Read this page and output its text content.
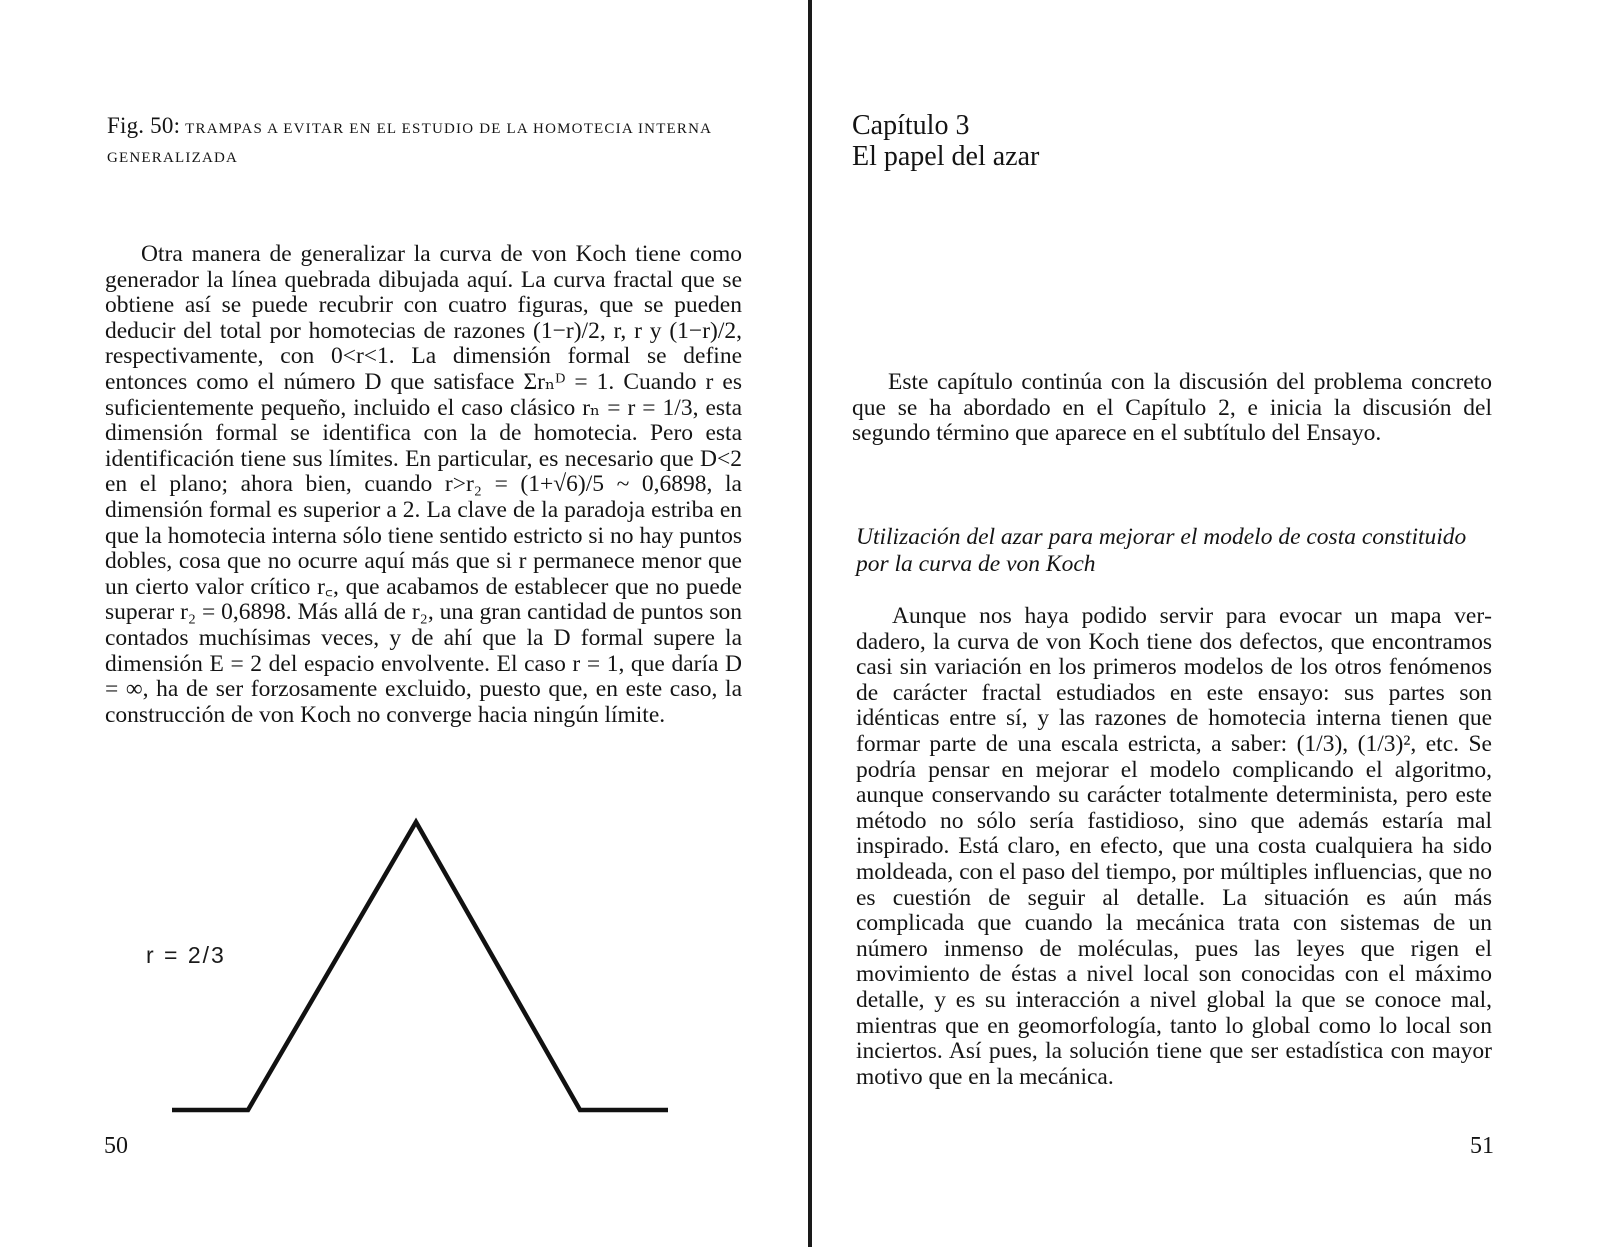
Fig. 50: TRAMPAS A EVITAR EN EL ESTUDIO DE LA HOMOTECIA INTERNA GENERALIZADA

Otra manera de generalizar la curva de von Koch tiene como generador la línea quebrada dibujada aquí. La curva fractal que se obtiene así se puede recubrir con cuatro figuras, que se pueden deducir del total por homotecias de razones (1−r)/2, r, r y (1−r)/2, respectivamente, con 0<r<1. La dimensión formal se define entonces como el número D que satisface Σrₙᴰ = 1. Cuando r es suficientemente pequeño, incluido el caso clásico rₙ = r = 1/3, esta dimensión formal se identifica con la de homotecia. Pero esta identificación tiene sus límites. En particular, es necesario que D<2 en el plano; ahora bien, cuando r>r₂ = (1+√6)/5 ~ 0,6898, la dimensión formal es superior a 2. La clave de la paradoja estriba en que la homotecia interna sólo tiene sentido estricto si no hay puntos dobles, cosa que no ocurre aquí más que si r permanece menor que un cierto valor crítico r꜀, que acabamos de establecer que no puede superar r₂ = 0,6898. Más allá de r₂, una gran cantidad de puntos son contados muchísimas veces, y de ahí que la D formal supere la dimensión E = 2 del espacio envolvente. El caso r = 1, que daría D = ∞, ha de ser forzosamente excluido, puesto que, en este caso, la construcción de von Koch no converge hacia ningún límite.

r = 2/3
50
Capítulo 3
El papel del azar

Este capítulo continúa con la discusión del problema concreto que se ha abordado en el Capítulo 2, e inicia la discusión del segundo término que aparece en el subtítulo del Ensayo.

Utilización del azar para mejorar el modelo de costa constituido por la curva de von Koch

Aunque nos haya podido servir para evocar un mapa verdadero, la curva de von Koch tiene dos defectos, que encontramos casi sin variación en los primeros modelos de los otros fenómenos de carácter fractal estudiados en este ensayo: sus partes son idénticas entre sí, y las razones de homotecia interna tienen que formar parte de una escala estricta, a saber: (1/3), (1/3)², etc. Se podría pensar en mejorar el modelo complicando el algoritmo, aunque conservando su carácter totalmente determinista, pero este método no sólo sería fastidioso, sino que además estaría mal inspirado. Está claro, en efecto, que una costa cualquiera ha sido moldeada, con el paso del tiempo, por múltiples influencias, que no es cuestión de seguir al detalle. La situación es aún más complicada que cuando la mecánica trata con sistemas de un número inmenso de moléculas, pues las leyes que rigen el movimiento de éstas a nivel local son conocidas con el máximo detalle, y es su interacción a nivel global la que se conoce mal, mientras que en geomorfología, tanto lo global como lo local son inciertos. Así pues, la solución tiene que ser estadística con mayor motivo que en la mecánica.

51
